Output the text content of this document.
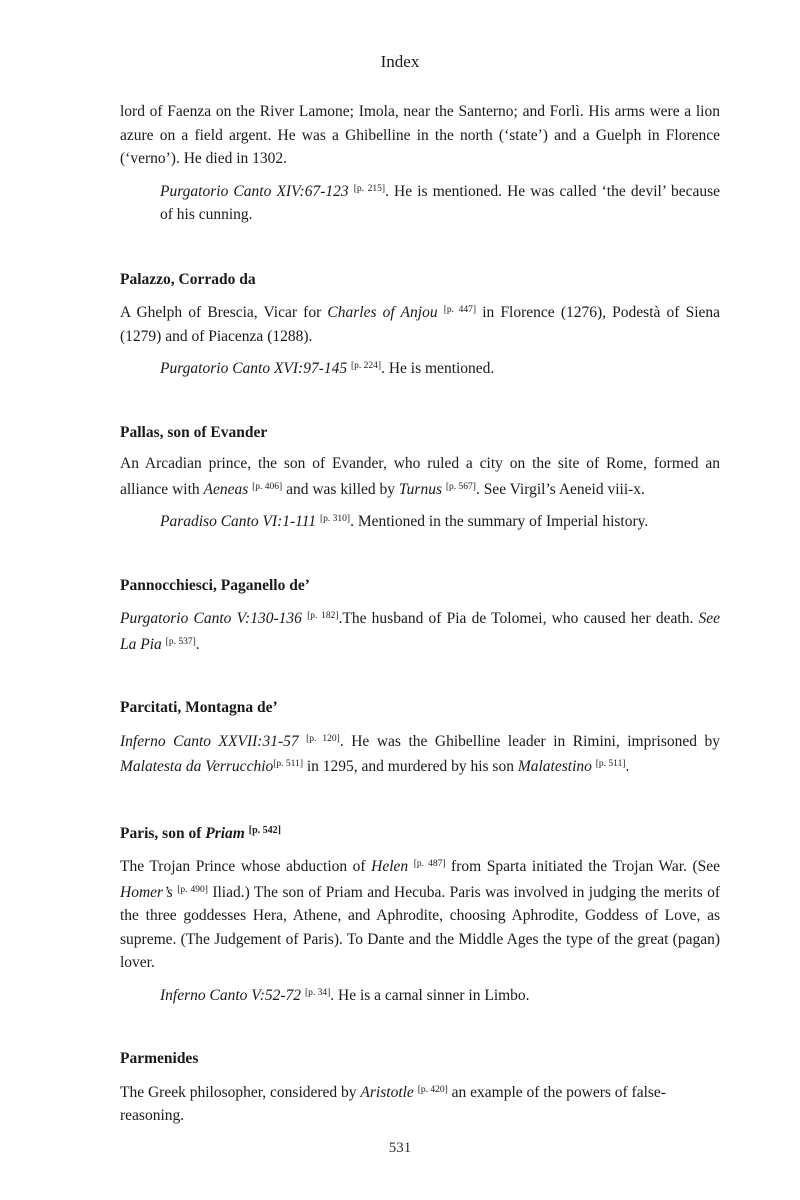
Index

lord of Faenza on the River Lamone; Imola, near the Santerno; and Forlì. His arms were a lion azure on a field argent. He was a Ghibelline in the north (‘state’) and a Guelph in Florence (‘verno’). He died in 1302.

Purgatorio Canto XIV:67-123 [p. 215]. He is mentioned. He was called ‘the devil’ because of his cunning.

Palazzo, Corrado da

A Ghelph of Brescia, Vicar for Charles of Anjou [p. 447] in Florence (1276), Podestà of Siena (1279) and of Piacenza (1288).

Purgatorio Canto XVI:97-145 [p. 224]. He is mentioned.

Pallas, son of Evander

An Arcadian prince, the son of Evander, who ruled a city on the site of Rome, formed an alliance with Aeneas [p. 406] and was killed by Turnus [p. 567]. See Virgil’s Aeneid viii-x.

Paradiso Canto VI:1-111 [p. 310]. Mentioned in the summary of Imperial history.

Pannocchiesci, Paganello de’

Purgatorio Canto V:130-136 [p. 182].The husband of Pia de Tolomei, who caused her death. See La Pia [p. 537].

Parcitati, Montagna de’

Inferno Canto XXVII:31-57 [p. 120]. He was the Ghibelline leader in Rimini, imprisoned by Malatesta da Verrucchio[p. 511] in 1295, and murdered by his son Malatestino [p. 511].

Paris, son of Priam [p. 542]

The Trojan Prince whose abduction of Helen [p. 487] from Sparta initiated the Trojan War. (See Homer’s [p. 490] Iliad.) The son of Priam and Hecuba. Paris was involved in judging the merits of the three goddesses Hera, Athene, and Aphrodite, choosing Aphrodite, Goddess of Love, as supreme. (The Judgement of Paris). To Dante and the Middle Ages the type of the great (pagan) lover.

Inferno Canto V:52-72 [p. 34]. He is a carnal sinner in Limbo.

Parmenides

The Greek philosopher, considered by Aristotle [p. 420] an example of the powers of false-reasoning.

531
